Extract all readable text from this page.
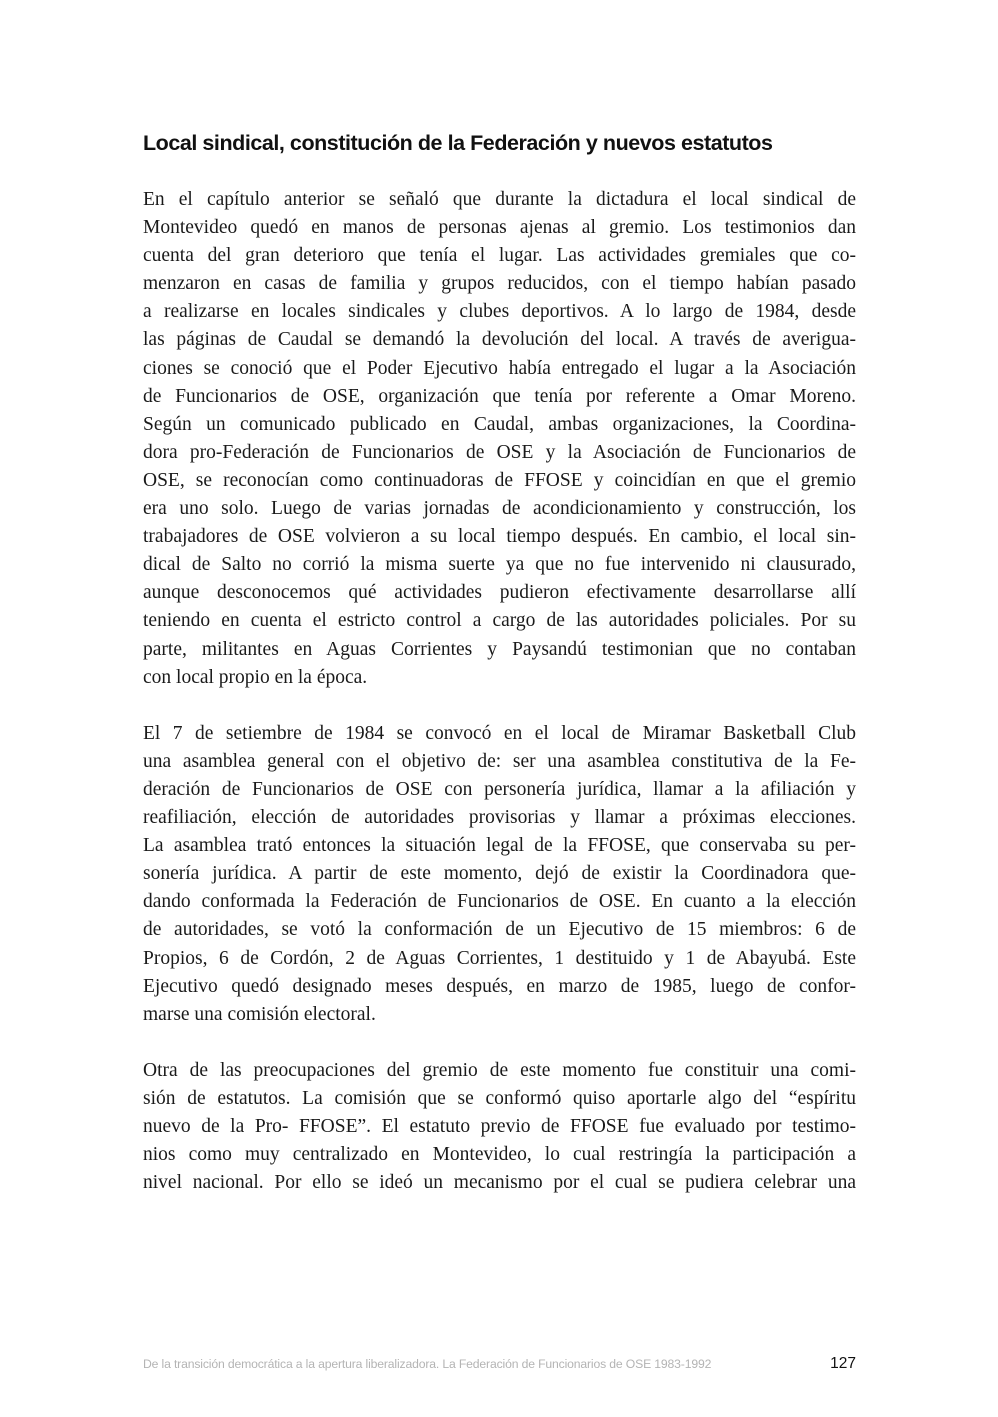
Local sindical, constitución de la Federación y nuevos estatutos

En el capítulo anterior se señaló que durante la dictadura el local sindical de
Montevideo quedó en manos de personas ajenas al gremio. Los testimonios dan
cuenta del gran deterioro que tenía el lugar. Las actividades gremiales que co-
menzaron en casas de familia y grupos reducidos, con el tiempo habían pasado
a realizarse en locales sindicales y clubes deportivos. A lo largo de 1984, desde
las páginas de Caudal se demandó la devolución del local. A través de averigua-
ciones se conoció que el Poder Ejecutivo había entregado el lugar a la Asociación
de Funcionarios de OSE, organización que tenía por referente a Omar Moreno.
Según un comunicado publicado en Caudal, ambas organizaciones, la Coordina-
dora pro-Federación de Funcionarios de OSE y la Asociación de Funcionarios de
OSE, se reconocían como continuadoras de FFOSE y coincidían en que el gremio
era uno solo. Luego de varias jornadas de acondicionamiento y construcción, los
trabajadores de OSE volvieron a su local tiempo después. En cambio, el local sin-
dical de Salto no corrió la misma suerte ya que no fue intervenido ni clausurado,
aunque desconocemos qué actividades pudieron efectivamente desarrollarse allí
teniendo en cuenta el estricto control a cargo de las autoridades policiales. Por su
parte, militantes en Aguas Corrientes y Paysandú testimonian que no contaban
con local propio en la época.

El 7 de setiembre de 1984 se convocó en el local de Miramar Basketball Club
una asamblea general con el objetivo de: ser una asamblea constitutiva de la Fe-
deración de Funcionarios de OSE con personería jurídica, llamar a la afiliación y
reafiliación, elección de autoridades provisorias y llamar a próximas elecciones.
La asamblea trató entonces la situación legal de la FFOSE, que conservaba su per-
sonería jurídica. A partir de este momento, dejó de existir la Coordinadora que-
dando conformada la Federación de Funcionarios de OSE. En cuanto a la elección
de autoridades, se votó la conformación de un Ejecutivo de 15 miembros: 6 de
Propios, 6 de Cordón, 2 de Aguas Corrientes, 1 destituido y 1 de Abayubá. Este
Ejecutivo quedó designado meses después, en marzo de 1985, luego de confor-
marse una comisión electoral.

Otra de las preocupaciones del gremio de este momento fue constituir una comi-
sión de estatutos. La comisión que se conformó quiso aportarle algo del “espíritu
nuevo de la Pro- FFOSE”. El estatuto previo de FFOSE fue evaluado por testimo-
nios como muy centralizado en Montevideo, lo cual restringía la participación a
nivel nacional. Por ello se ideó un mecanismo por el cual se pudiera celebrar una

De la transición democrática a la apertura liberalizadora. La Federación de Funcionarios de OSE 1983-1992	127
